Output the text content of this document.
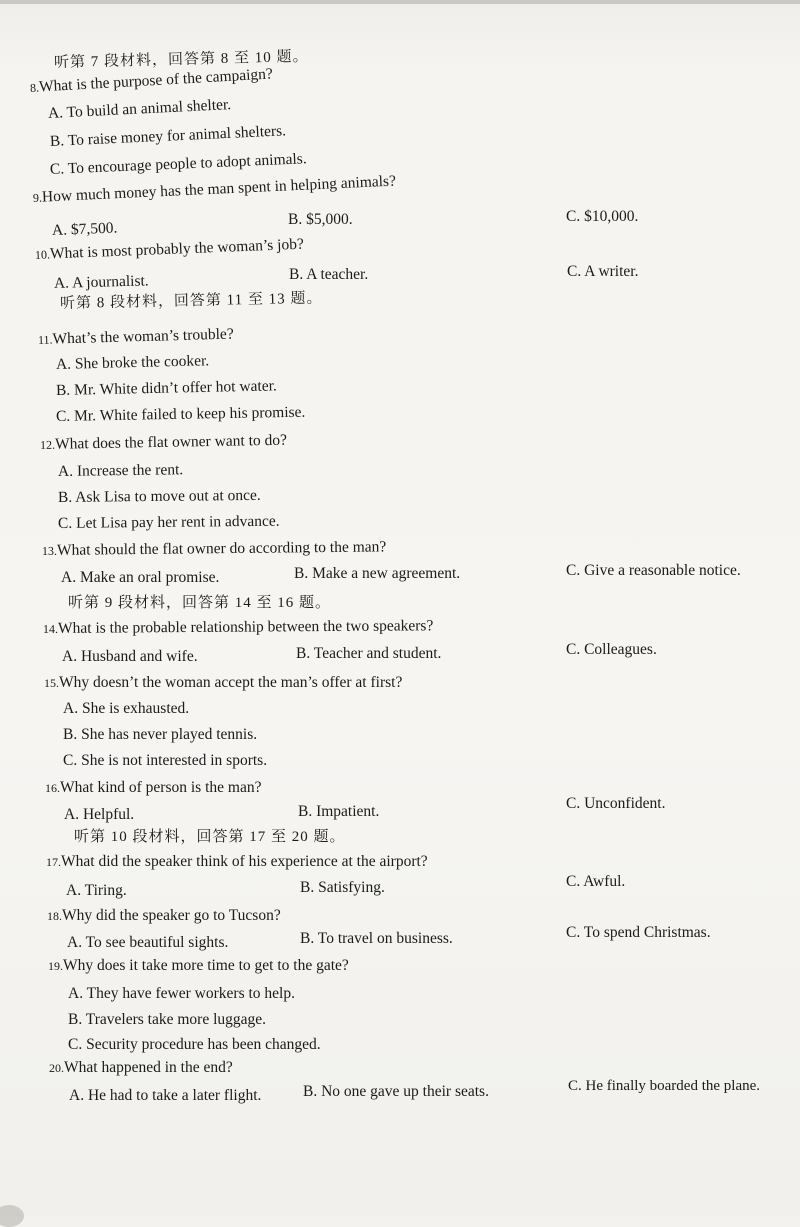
听第 7 段材料，回答第 8 至 10 题。
8.What is the purpose of the campaign?
A. To build an animal shelter.
B. To raise money for animal shelters.
C. To encourage people to adopt animals.
9.How much money has the man spent in helping animals?
A. $7,500.	B. $5,000.	C. $10,000.
10.What is most probably the woman’s job?
A. A journalist.	B. A teacher.	C. A writer.
听第 8 段材料，回答第 11 至 13 题。
11.What’s the woman’s trouble?
A. She broke the cooker.
B. Mr. White didn’t offer hot water.
C. Mr. White failed to keep his promise.
12.What does the flat owner want to do?
A. Increase the rent.
B. Ask Lisa to move out at once.
C. Let Lisa pay her rent in advance.
13.What should the flat owner do according to the man?
A. Make an oral promise.	B. Make a new agreement.	C. Give a reasonable notice.
听第 9 段材料，回答第 14 至 16 题。
14.What is the probable relationship between the two speakers?
A. Husband and wife.	B. Teacher and student.	C. Colleagues.
15.Why doesn’t the woman accept the man’s offer at first?
A. She is exhausted.
B. She has never played tennis.
C. She is not interested in sports.
16.What kind of person is the man?
A. Helpful.	B. Impatient.	C. Unconfident.
听第 10 段材料，回答第 17 至 20 题。
17.What did the speaker think of his experience at the airport?
A. Tiring.	B. Satisfying.	C. Awful.
18.Why did the speaker go to Tucson?
A. To see beautiful sights.	B. To travel on business.	C. To spend Christmas.
19.Why does it take more time to get to the gate?
A. They have fewer workers to help.
B. Travelers take more luggage.
C. Security procedure has been changed.
20.What happened in the end?
A. He had to take a later flight.	B. No one gave up their seats.	C. He finally boarded the plane.
